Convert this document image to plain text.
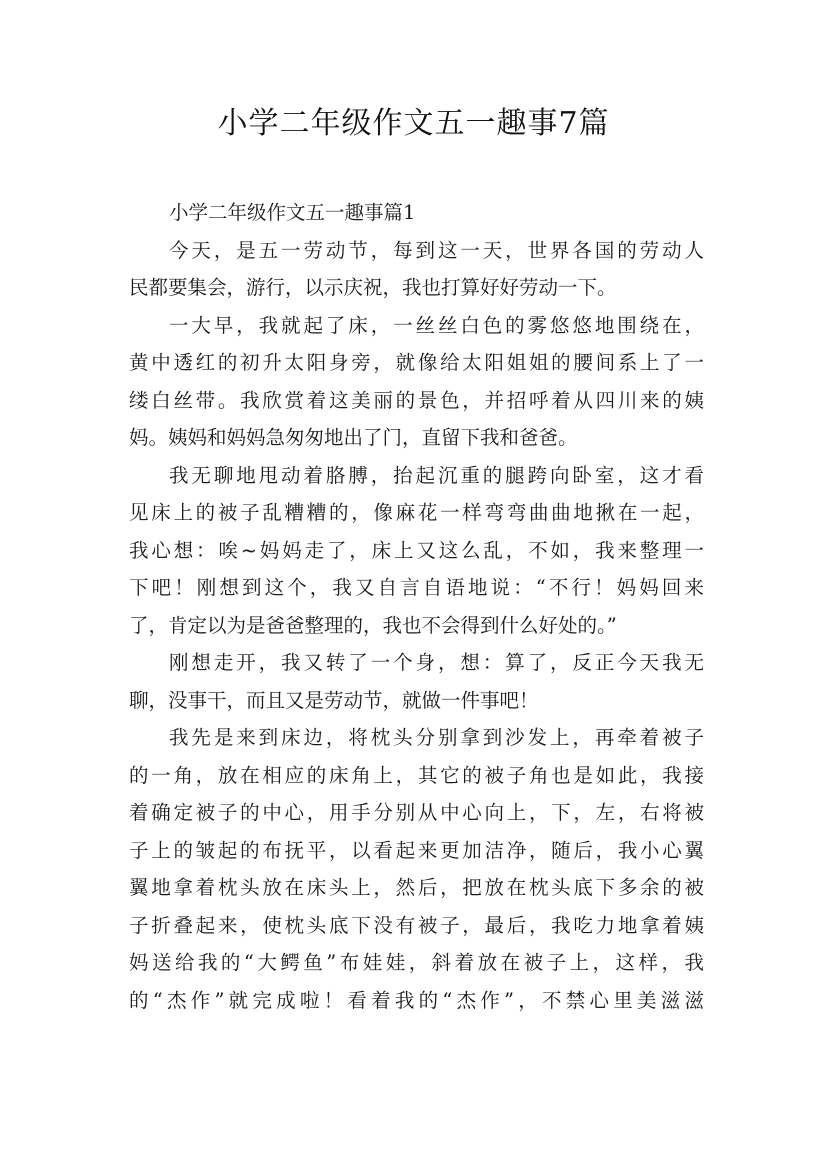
小学二年级作文五一趣事7篇

小学二年级作文五一趣事篇1

今天，是五一劳动节，每到这一天，世界各国的劳动人

民都要集会，游行，以示庆祝，我也打算好好劳动一下。

一大早，我就起了床，一丝丝白色的雾悠悠地围绕在，

黄中透红的初升太阳身旁，就像给太阳姐姐的腰间系上了一

缕白丝带。我欣赏着这美丽的景色，并招呼着从四川来的姨

妈。姨妈和妈妈急匆匆地出了门，直留下我和爸爸。

我无聊地甩动着胳膊，抬起沉重的腿跨向卧室，这才看

见床上的被子乱糟糟的，像麻花一样弯弯曲曲地揪在一起，

我心想：唉~妈妈走了，床上又这么乱，不如，我来整理一

下吧！刚想到这个，我又自言自语地说：“不行！妈妈回来

了，肯定以为是爸爸整理的，我也不会得到什么好处的。”

刚想走开，我又转了一个身，想：算了，反正今天我无

聊，没事干，而且又是劳动节，就做一件事吧！

我先是来到床边，将枕头分别拿到沙发上，再牵着被子

的一角，放在相应的床角上，其它的被子角也是如此，我接

着确定被子的中心，用手分别从中心向上，下，左，右将被

子上的皱起的布抚平，以看起来更加洁净，随后，我小心翼

翼地拿着枕头放在床头上，然后，把放在枕头底下多余的被

子折叠起来，使枕头底下没有被子，最后，我吃力地拿着姨

妈送给我的“大鳄鱼”布娃娃，斜着放在被子上，这样，我

的“杰作”就完成啦！看着我的“杰作”，不禁心里美滋滋
